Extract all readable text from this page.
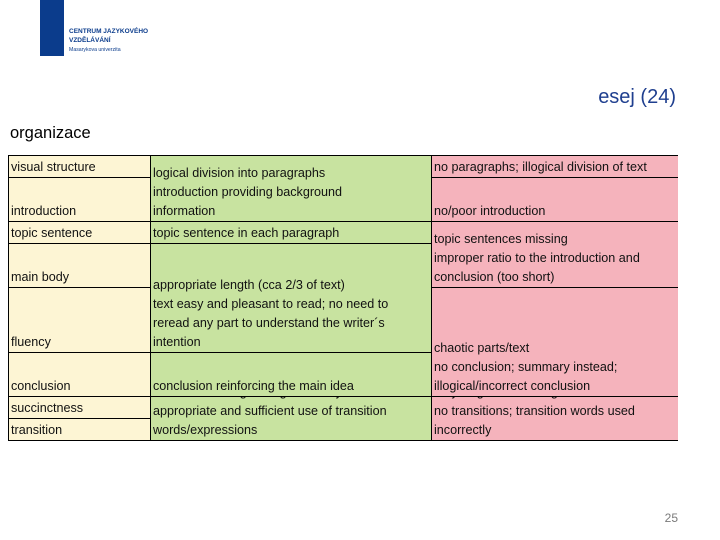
CENTRUM JAZYKOVÉHO
VZDĚLÁVÁNÍ
Masarykova univerzita
esej (24)
organizace
visual structure
introduction
topic sentence
main body
fluency
conclusion
succinctness
transition
logical division into paragraphs
introduction providing background
information
topic sentence in each paragraph
appropriate length (cca 2/3 of text)
text easy and pleasant to read; no need to
reread any part to understand the writer´s
intention
conclusion reinforcing the main idea

appropriate and sufficient use of transition
words/expressions
no paragraphs; illogical division of text
no/poor introduction
topic sentences missing
improper ratio to the introduction and
conclusion (too short)
chaotic parts/text
no conclusion; summary instead;
illogical/incorrect conclusion

no transitions; transition words used
incorrectly
25
